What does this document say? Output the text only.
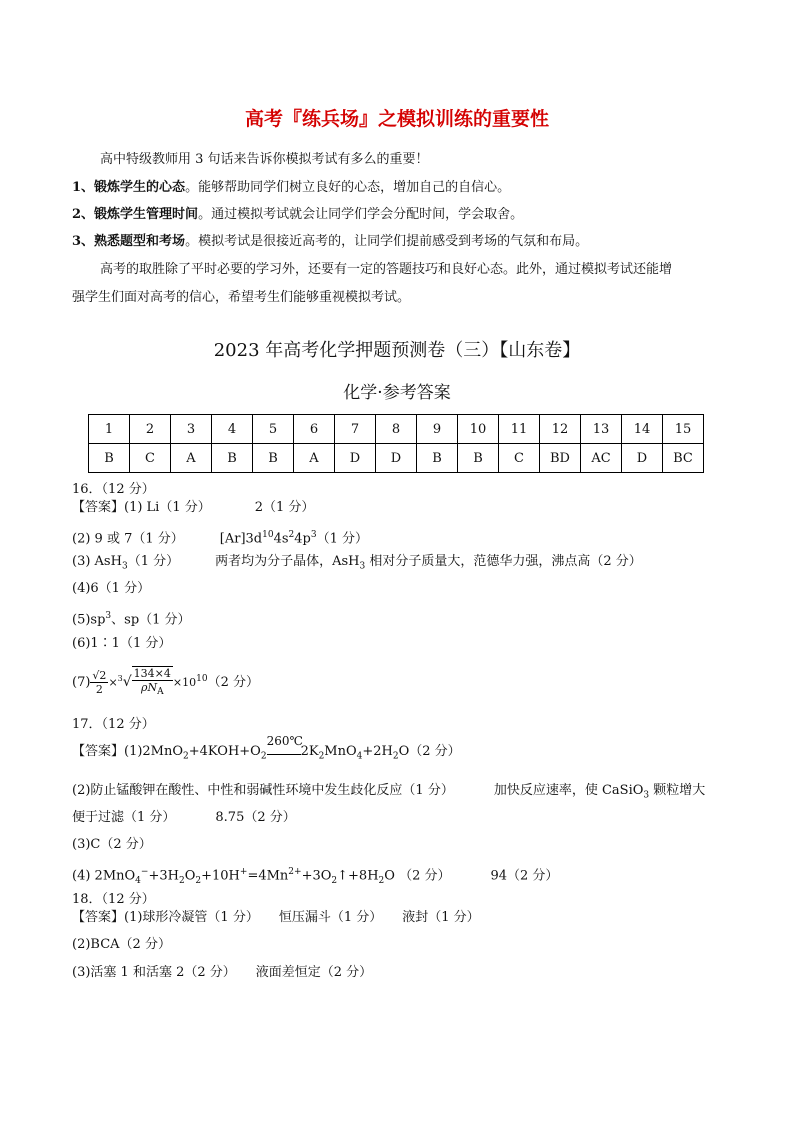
高考『练兵场』之模拟训练的重要性
高中特级教师用 3 句话来告诉你模拟考试有多么的重要！
1、锻炼学生的心态。能够帮助同学们树立良好的心态，增加自己的自信心。
2、锻炼学生管理时间。通过模拟考试就会让同学们学会分配时间，学会取舍。
3、熟悉题型和考场。模拟考试是很接近高考的，让同学们提前感受到考场的气氛和布局。
高考的取胜除了平时必要的学习外，还要有一定的答题技巧和良好心态。此外，通过模拟考试还能增
强学生们面对高考的信心，希望考生们能够重视模拟考试。
2023 年高考化学押题预测卷（三）【山东卷】
化学·参考答案
1	2	3	4	5	6	7	8	9	10	11	12	13	14	15
B	C	A	B	B	A	D	D	B	B	C	BD	AC	D	BC
16．（12 分）
【答案】(1) Li（1 分）	2（1 分）
(2) 9 或 7（1 分）	$[Ar]3d^{10}4s^24p^3(1$ 分）
(3) AsH$_3$（1 分）	两者均为分子晶体，AsH$_3$ 相对分子质量大，范德华力强，沸点高（2 分）
(4)6（1 分）
$(5)sp^3$、sp（1 分）
(6)1∶1（1 分）
$(7) \frac{√2}{2} \times^3√ \frac{134\times 4}{\rho N_A} \times 10^{10}(2$ 分）
17．（12 分）
【答案】$(1)2MnO_2+4KOH+O_2$
260℃
$2K_2MnO_4+2H_2O(2$ 分）
(2)防止锰酸钾在酸性、中性和弱碱性环境中发生歧化反应（1 分）	加快反应速率，使 CaSiO$_3$ 颗粒增大
便于过滤（1 分）	8.75（2 分）
(3)C（2 分）
(4) $2MnO_4^-+3H_2O_2+10H^+=4Mn^{2+}+3O_2↑+8H_2O$ （2 分）	94（2 分）
18．（12 分）
【答案】(1)球形冷凝管（1 分） 恒压漏斗（1 分） 液封（1 分）
(2)BCA（2 分）
(3)活塞 1 和活塞 2（2 分） 液面差恒定（2 分）
